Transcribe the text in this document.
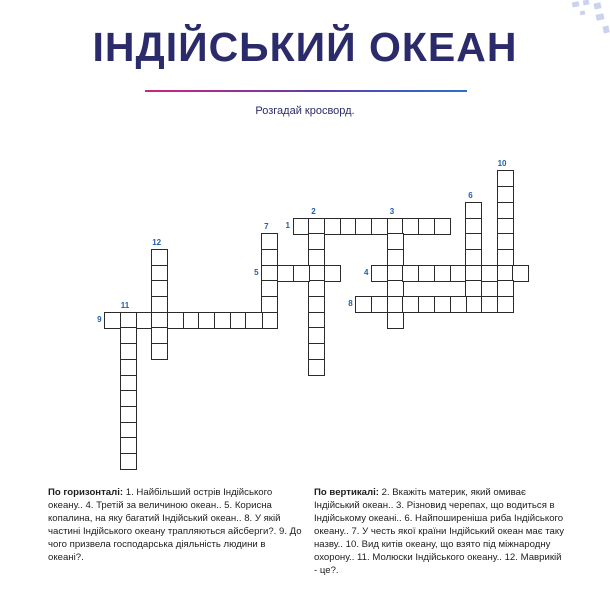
ІНДІЙСЬКИЙ ОКЕАН
Розгадай кросворд.
1
2	3
4
5
6
7
8
9
10
11
12
По горизонталі: 1. Найбільший острів Індійського океану.. 4. Третій за величиною океан.. 5. Корисна копалина, на яку багатий Індійський океан.. 8. У якій частині Індійського океану трапляються айсберги?. 9. До чого призвела господарська діяльність людини в океані?.
По вертикалі: 2. Вкажіть материк, який омиває Індійський океан.. 3. Різновид черепах, що водиться в Індійському океані.. 6. Найпоширеніша риба Індійського океану.. 7. У честь якої країни Індійський океан має таку назву.. 10. Вид китів океану, що взято під міжнародну охорону.. 11. Молюски Індійського океану.. 12. Маврикій - це?.
